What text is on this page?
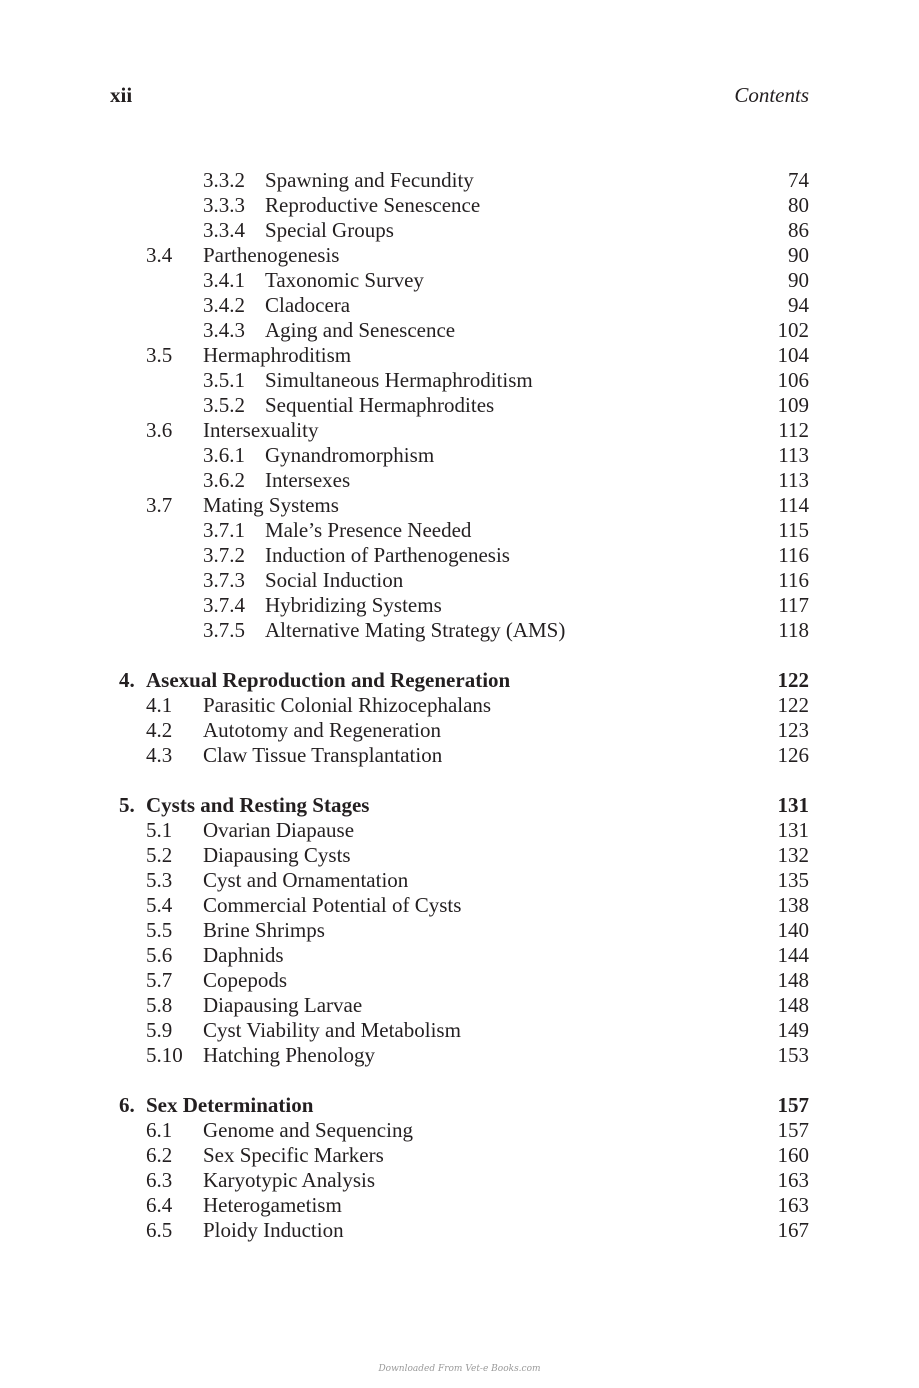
xii	Contents
3.3.2 Spawning and Fecundity	74
3.3.3 Reproductive Senescence	80
3.3.4 Special Groups	86
3.4 Parthenogenesis	90
3.4.1 Taxonomic Survey	90
3.4.2 Cladocera	94
3.4.3 Aging and Senescence	102
3.5 Hermaphroditism	104
3.5.1 Simultaneous Hermaphroditism	106
3.5.2 Sequential Hermaphrodites	109
3.6 Intersexuality	112
3.6.1 Gynandromorphism	113
3.6.2 Intersexes	113
3.7 Mating Systems	114
3.7.1 Male’s Presence Needed	115
3.7.2 Induction of Parthenogenesis	116
3.7.3 Social Induction	116
3.7.4 Hybridizing Systems	117
3.7.5 Alternative Mating Strategy (AMS)	118
4. Asexual Reproduction and Regeneration	122
4.1 Parasitic Colonial Rhizocephalans	122
4.2 Autotomy and Regeneration	123
4.3 Claw Tissue Transplantation	126
5. Cysts and Resting Stages	131
5.1 Ovarian Diapause	131
5.2 Diapausing Cysts	132
5.3 Cyst and Ornamentation	135
5.4 Commercial Potential of Cysts	138
5.5 Brine Shrimps	140
5.6 Daphnids	144
5.7 Copepods	148
5.8 Diapausing Larvae	148
5.9 Cyst Viability and Metabolism	149
5.10 Hatching Phenology	153
6. Sex Determination	157
6.1 Genome and Sequencing	157
6.2 Sex Specific Markers	160
6.3 Karyotypic Analysis	163
6.4 Heterogametism	163
6.5 Ploidy Induction	167
Downloaded From Vet-e Books.com
